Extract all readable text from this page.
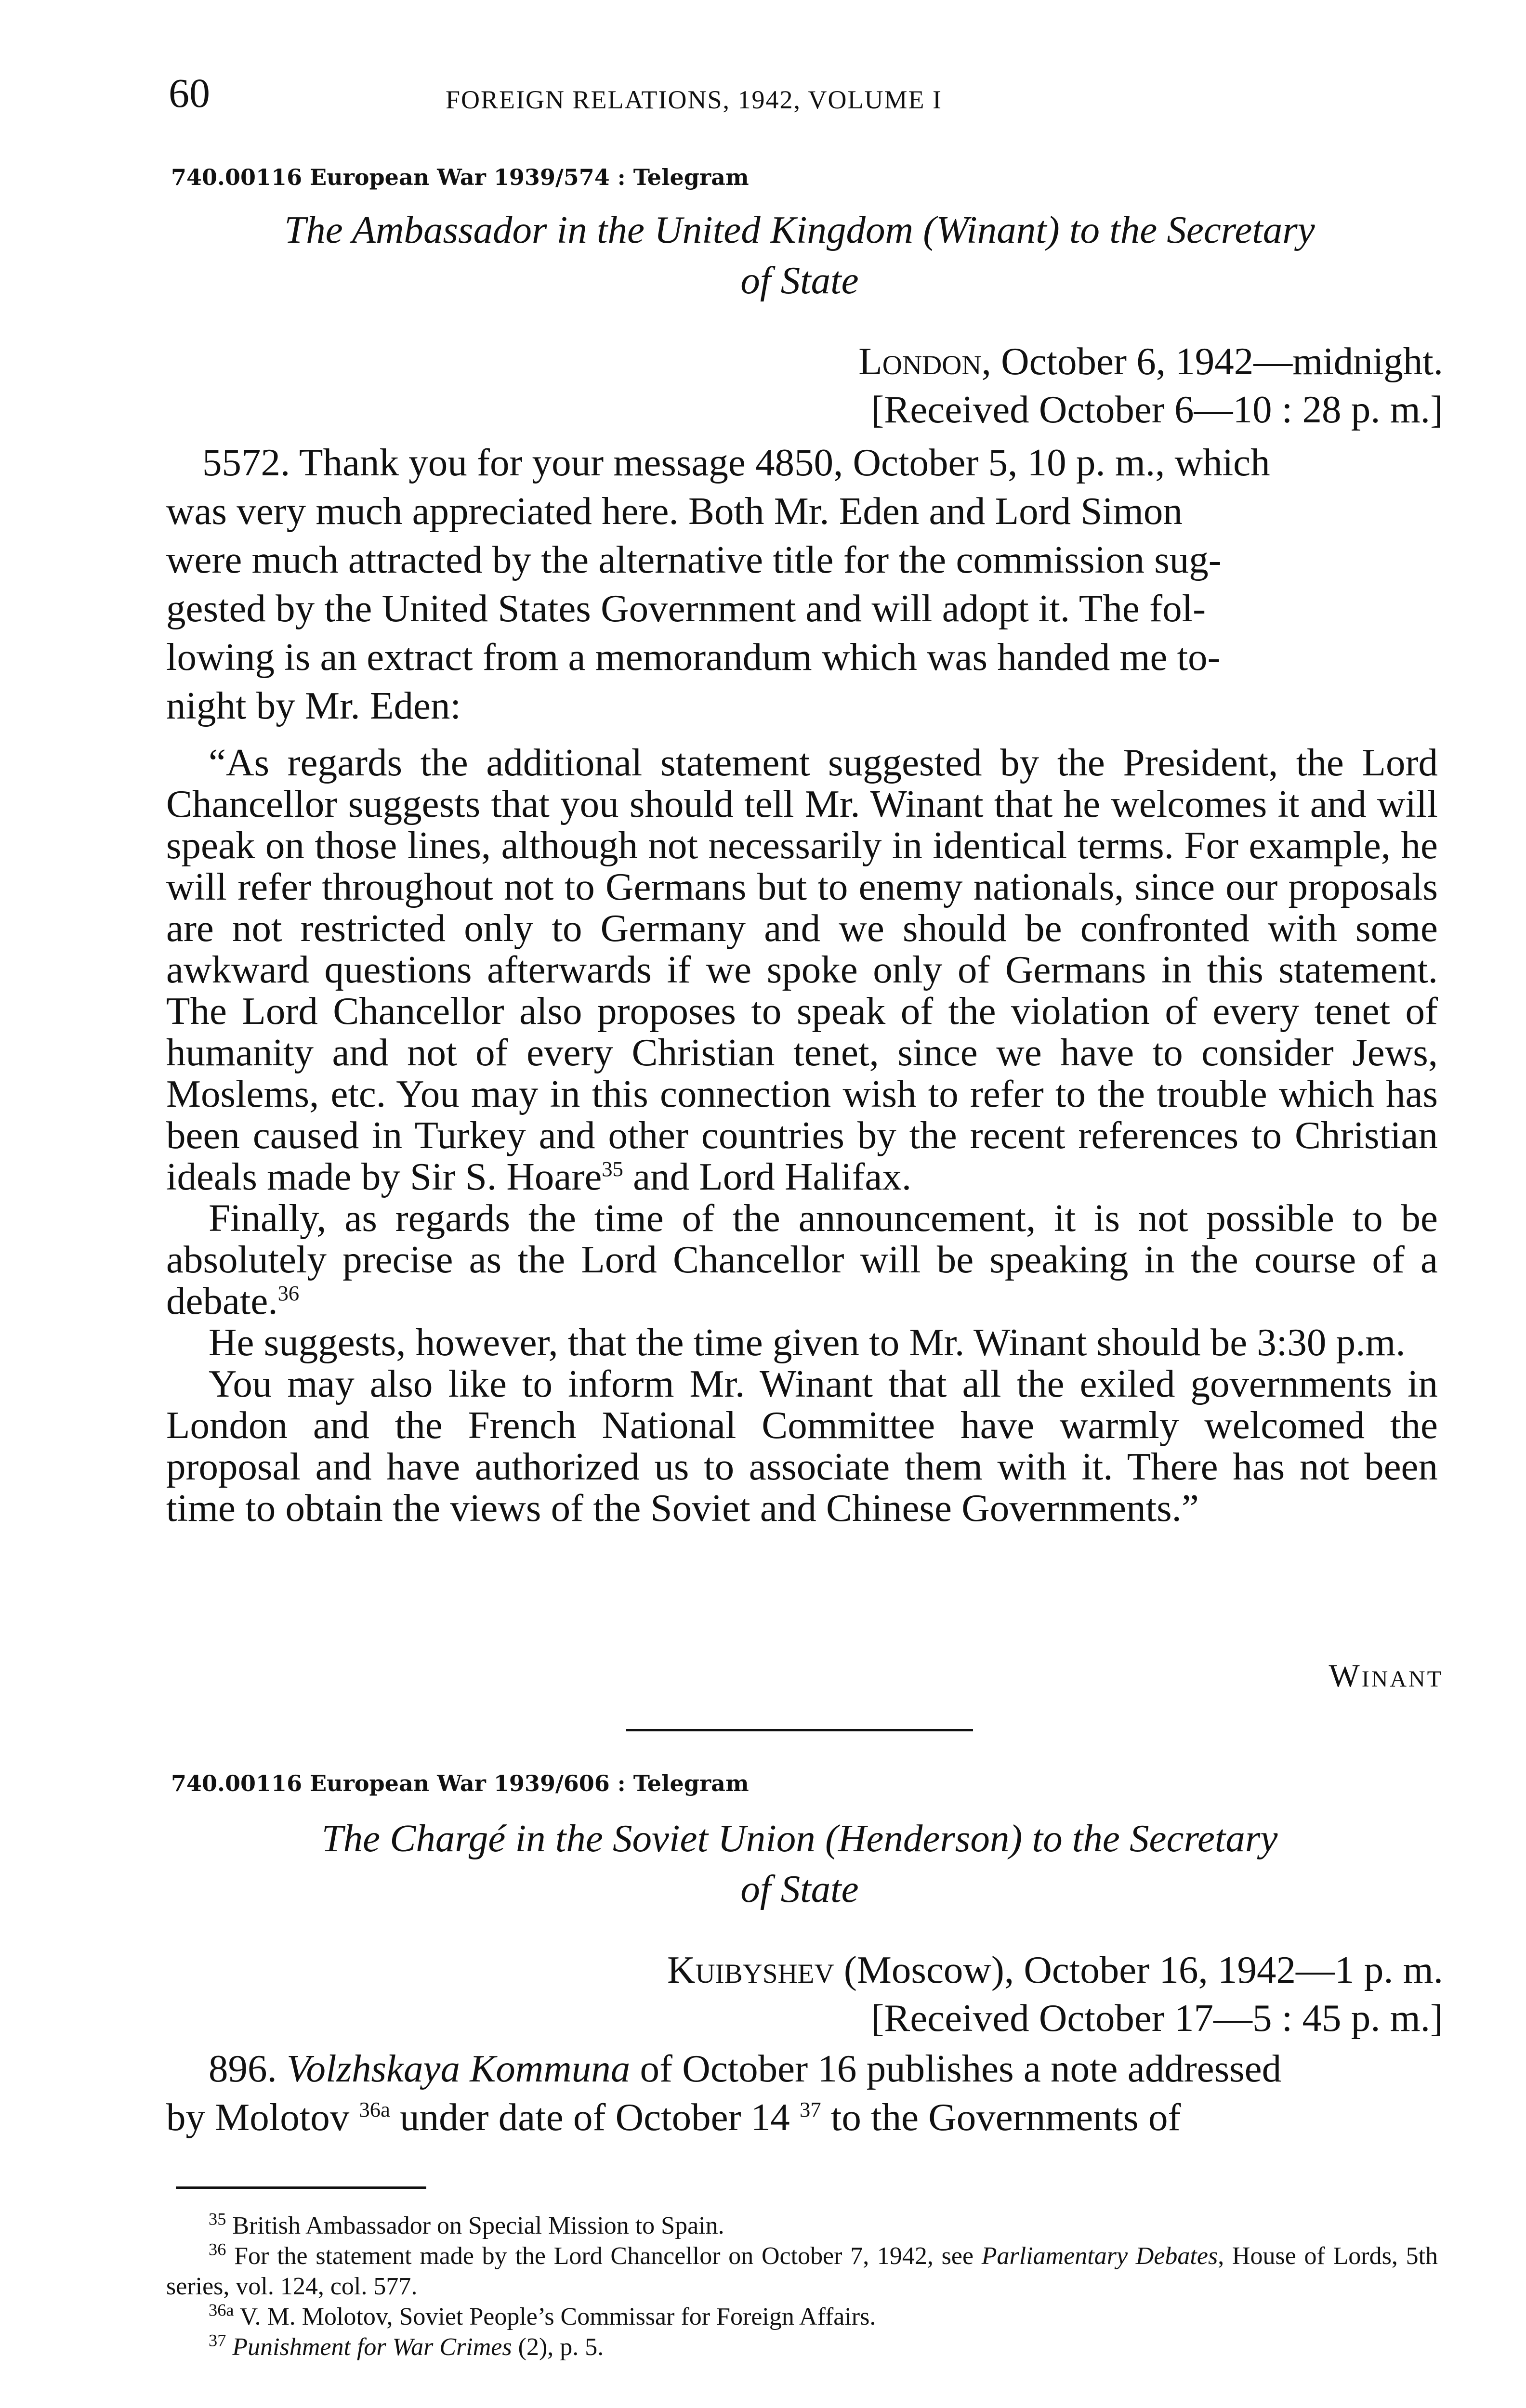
60	FOREIGN RELATIONS, 1942, VOLUME I
740.00116 European War 1939/574 : Telegram
The Ambassador in the United Kingdom (Winant) to the Secretary
of State
London, October 6, 1942—midnight.
[Received October 6—10 : 28 p. m.]
5572. Thank you for your message 4850, October 5, 10 p. m., which
was very much appreciated here. Both Mr. Eden and Lord Simon
were much attracted by the alternative title for the commission sug-
gested by the United States Government and will adopt it. The fol-
lowing is an extract from a memorandum which was handed me to-
night by Mr. Eden:

“As regards the additional statement suggested by the President, the Lord Chancellor suggests that you should tell Mr. Winant that he welcomes it and will speak on those lines, although not necessarily in identical terms. For example, he will refer throughout not to Germans but to enemy nationals, since our proposals are not restricted only to Germany and we should be confronted with some awkward questions afterwards if we spoke only of Germans in this statement. The Lord Chancellor also proposes to speak of the violation of every tenet of humanity and not of every Christian tenet, since we have to consider Jews, Moslems, etc. You may in this connection wish to refer to the trouble which has been caused in Turkey and other countries by the recent references to Christian ideals made by Sir S. Hoare$^{35}$ and Lord Halifax.

Finally, as regards the time of the announcement, it is not possible to be absolutely precise as the Lord Chancellor will be speaking in the course of a debate.$^{36}$

He suggests, however, that the time given to Mr. Winant should be 3:30 p.m.

You may also like to inform Mr. Winant that all the exiled governments in London and the French National Committee have warmly welcomed the proposal and have authorized us to associate them with it. There has not been time to obtain the views of the Soviet and Chinese Governments.”

Winant
740.00116 European War 1939/606 : Telegram
The Chargé in the Soviet Union (Henderson) to the Secretary
of State
Kuibyshev (Moscow), October 16, 1942—1 p. m.
[Received October 17—5 : 45 p. m.]
896. Volzhskaya Kommuna of October 16 publishes a note addressed
by Molotov $^{36a}$ under date of October 14 $^{37}$ to the Governments of

$^{35}$ British Ambassador on Special Mission to Spain.

$^{36}$ For the statement made by the Lord Chancellor on October 7, 1942, see Parliamentary Debates, House of Lords, 5th series, vol. 124, col. 577.

$^{36a}$ V. M. Molotov, Soviet People’s Commissar for Foreign Affairs.

$^{37}$ Punishment for War Crimes (2), p. 5.
